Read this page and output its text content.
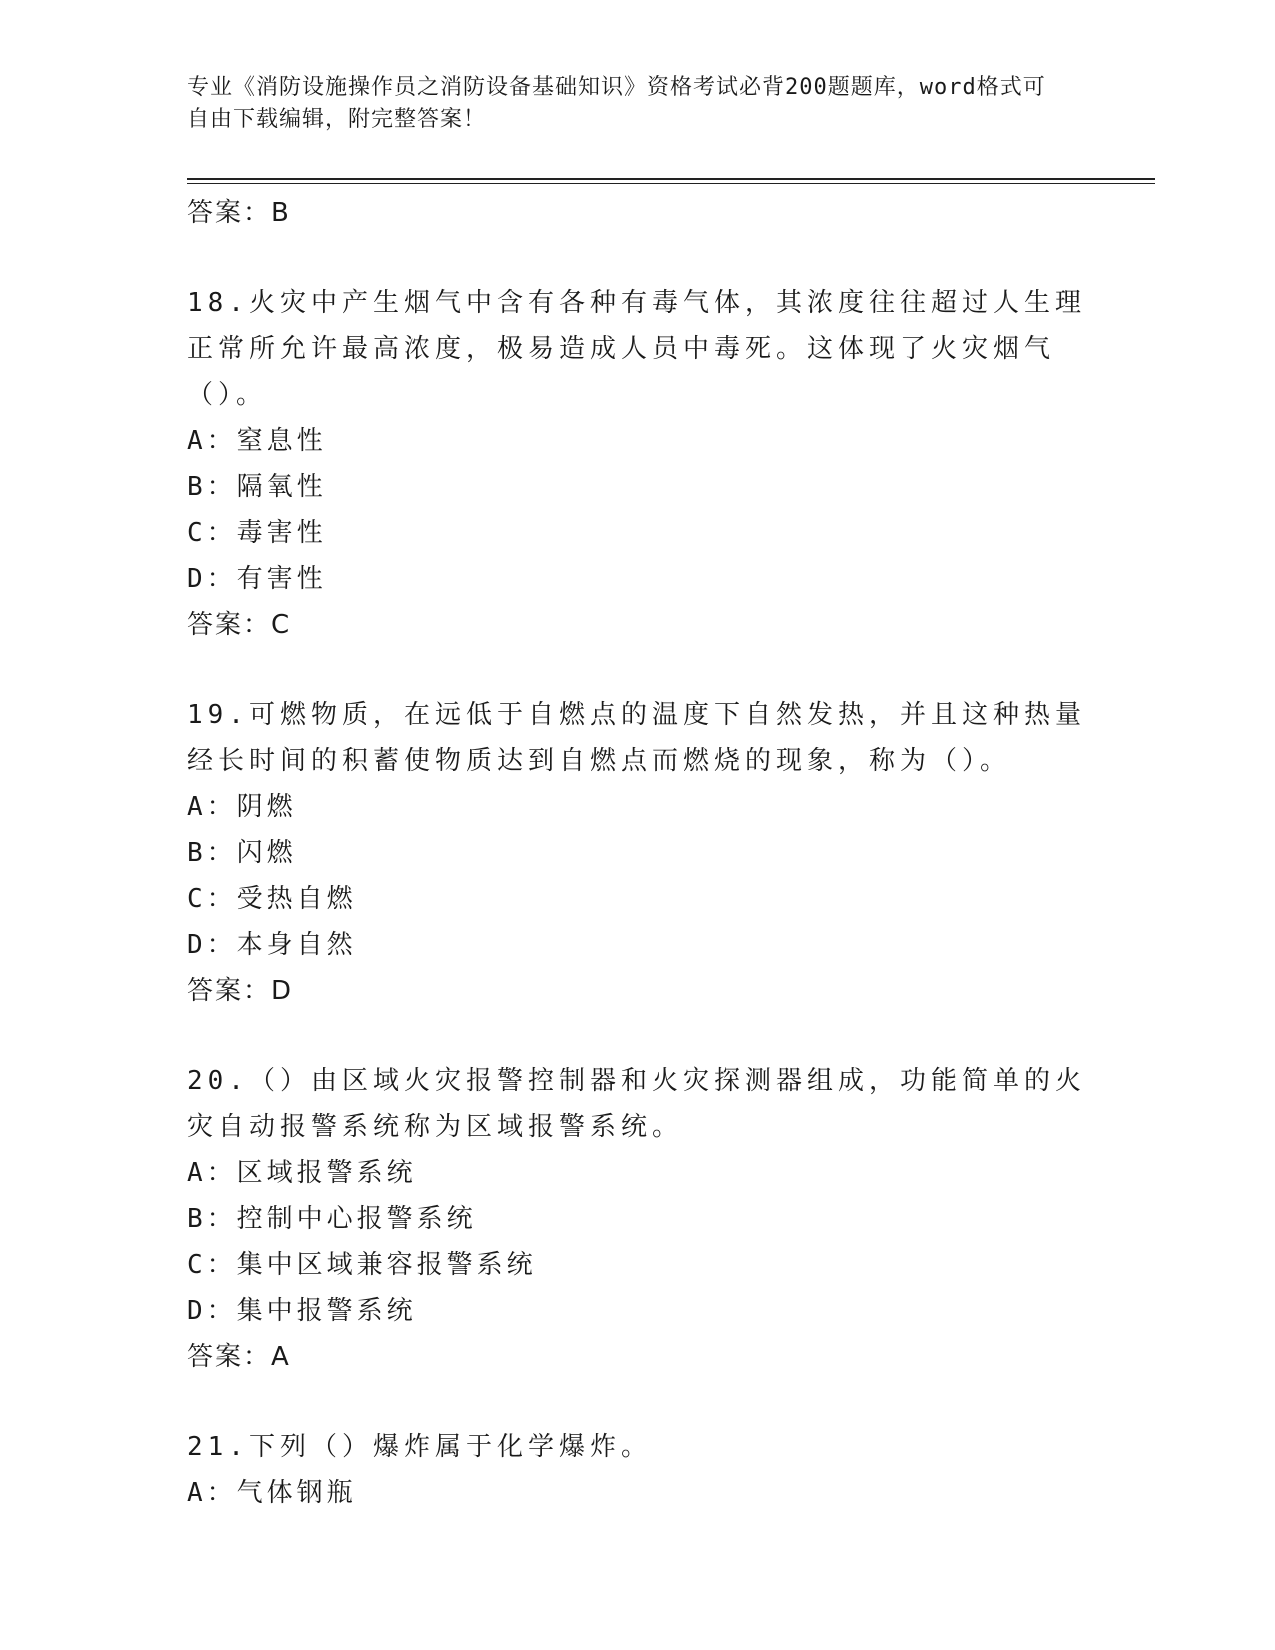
专业《消防设施操作员之消防设备基础知识》资格考试必背200题题库，word格式可自由下载编辑，附完整答案！
答案：B
18.火灾中产生烟气中含有各种有毒气体，其浓度往往超过人生理正常所允许最高浓度，极易造成人员中毒死。这体现了火灾烟气（）。
A：窒息性
B：隔氧性
C：毒害性
D：有害性
答案：C
19.可燃物质，在远低于自燃点的温度下自然发热，并且这种热量经长时间的积蓄使物质达到自燃点而燃烧的现象，称为（）。
A：阴燃
B：闪燃
C：受热自燃
D：本身自然
答案：D
20.（）由区域火灾报警控制器和火灾探测器组成，功能简单的火灾自动报警系统称为区域报警系统。
A：区域报警系统
B：控制中心报警系统
C：集中区域兼容报警系统
D：集中报警系统
答案：A
21.下列（）爆炸属于化学爆炸。
A：气体钢瓶
